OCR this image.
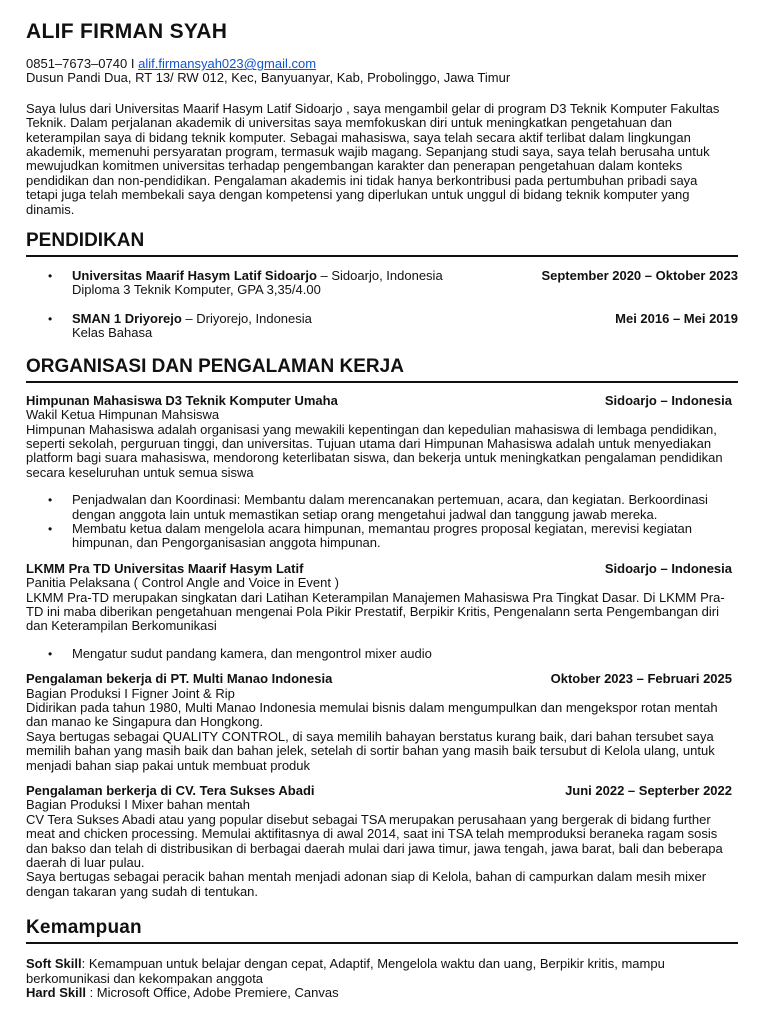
ALIF FIRMAN SYAH

0851–7673–0740 I alif.firmansyah023@gmail.com

Dusun Pandi Dua, RT 13/ RW 012, Kec, Banyuanyar, Kab, Probolinggo, Jawa Timur

Saya lulus dari Universitas Maarif Hasym Latif Sidoarjo , saya mengambil gelar di program D3 Teknik Komputer Fakultas Teknik. Dalam perjalanan akademik di universitas saya memfokuskan diri untuk meningkatkan pengetahuan dan keterampilan saya di bidang teknik komputer. Sebagai mahasiswa, saya telah secara aktif terlibat dalam lingkungan akademik, memenuhi persyaratan program, termasuk wajib magang. Sepanjang studi saya, saya telah berusaha untuk mewujudkan komitmen universitas terhadap pengembangan karakter dan penerapan pengetahuan dalam konteks pendidikan dan non-pendidikan. Pengalaman akademis ini tidak hanya berkontribusi pada pertumbuhan pribadi saya tetapi juga telah membekali saya dengan kompetensi yang diperlukan untuk unggul di bidang teknik komputer yang dinamis.

PENDIDIKAN
• Universitas Maarif Hasym Latif Sidoarjo – Sidoarjo, Indonesia	September 2020 – Oktober 2023
Diploma 3 Teknik Komputer, GPA 3,35/4.00
• SMAN 1 Driyorejo – Driyorejo, Indonesia	Mei 2016 – Mei 2019
Kelas Bahasa
ORGANISASI DAN PENGALAMAN KERJA
Himpunan Mahasiswa D3 Teknik Komputer Umaha	Sidoarjo – Indonesia
Wakil Ketua Himpunan Mahsiswa
Himpunan Mahasiswa adalah organisasi yang mewakili kepentingan dan kepedulian mahasiswa di lembaga pendidikan, seperti sekolah, perguruan tinggi, dan universitas. Tujuan utama dari Himpunan Mahasiswa adalah untuk menyediakan platform bagi suara mahasiswa, mendorong keterlibatan siswa, dan bekerja untuk meningkatkan pengalaman pendidikan secara keseluruhan untuk semua siswa
• Penjadwalan dan Koordinasi: Membantu dalam merencanakan pertemuan, acara, dan kegiatan. Berkoordinasi dengan anggota lain untuk memastikan setiap orang mengetahui jadwal dan tanggung jawab mereka.
• Membatu ketua dalam mengelola acara himpunan, memantau progres proposal kegiatan, merevisi kegiatan himpunan, dan Pengorganisasian anggota himpunan.
LKMM Pra TD Universitas Maarif Hasym Latif	Sidoarjo – Indonesia
Panitia Pelaksana ( Control Angle and Voice in Event )
LKMM Pra-TD merupakan singkatan dari Latihan Keterampilan Manajemen Mahasiswa Pra Tingkat Dasar. Di LKMM Pra-TD ini maba diberikan pengetahuan mengenai Pola Pikir Prestatif, Berpikir Kritis, Pengenalann serta Pengembangan diri dan Keterampilan Berkomunikasi
• Mengatur sudut pandang kamera, dan mengontrol mixer audio
Pengalaman bekerja di PT. Multi Manao Indonesia	Oktober 2023 – Februari 2025
Bagian Produksi I Figner Joint & Rip
Didirikan pada tahun 1980, Multi Manao Indonesia memulai bisnis dalam mengumpulkan dan mengekspor rotan mentah dan manao ke Singapura dan Hongkong.
Saya bertugas sebagai QUALITY CONTROL, di saya memilih bahayan berstatus kurang baik, dari bahan tersubet saya memilih bahan yang masih baik dan bahan jelek, setelah di sortir bahan yang masih baik tersubut di Kelola ulang, untuk menjadi bahan siap pakai untuk membuat produk
Pengalaman berkerja di CV. Tera Sukses Abadi	Juni 2022 – Septerber 2022
Bagian Produksi I Mixer bahan mentah
CV Tera Sukses Abadi atau yang popular disebut sebagai TSA merupakan perusahaan yang bergerak di bidang further meat and chicken processing. Memulai aktifitasnya di awal 2014, saat ini TSA telah memproduksi beraneka ragam sosis dan bakso dan telah di distribusikan di berbagai daerah mulai dari jawa timur, jawa tengah, jawa barat, bali dan beberapa daerah di luar pulau.
Saya bertugas sebagai peracik bahan mentah menjadi adonan siap di Kelola, bahan di campurkan dalam mesih mixer dengan takaran yang sudah di tentukan.
Kemampuan
Soft Skill: Kemampuan untuk belajar dengan cepat, Adaptif, Mengelola waktu dan uang, Berpikir kritis, mampu berkomunikasi dan kekompakan anggota
Hard Skill : Microsoft Office, Adobe Premiere, Canvas
